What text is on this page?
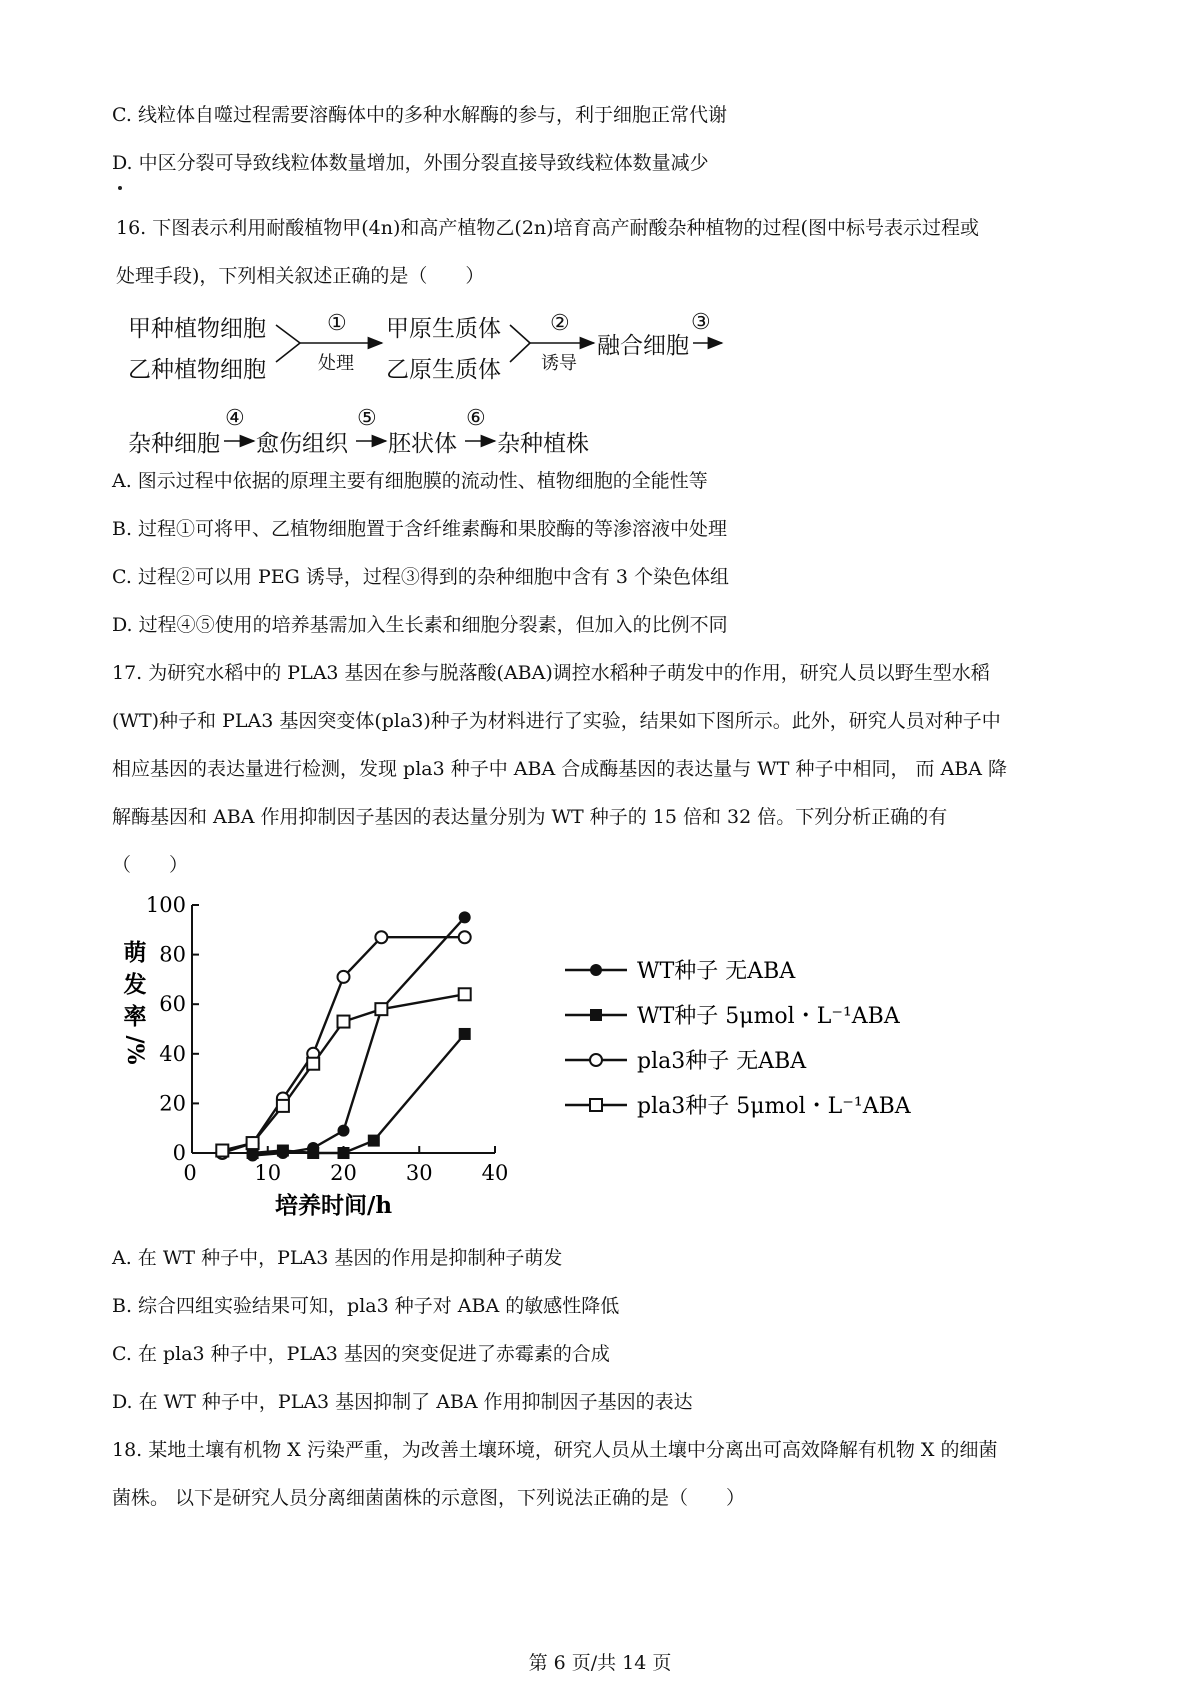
C. 线粒体自噬过程需要溶酶体中的多种水解酶的参与，利于细胞正常代谢
D. 中区分裂可导致线粒体数量增加，外围分裂直接导致线粒体数量减少
16. 下图表示利用耐酸植物甲(4n)和高产植物乙(2n)培育高产耐酸杂种植物的过程(图中标号表示过程或
处理手段)，下列相关叙述正确的是（　　）
甲种植物细胞
乙种植物细胞
①
处理
甲原生质体
乙原生质体
②
诱导
融合细胞
③
杂种细胞
④
愈伤组织
⑤
胚状体
⑥
杂种植株
A. 图示过程中依据的原理主要有细胞膜的流动性、植物细胞的全能性等
B. 过程①可将甲、乙植物细胞置于含纤维素酶和果胶酶的等渗溶液中处理
C. 过程②可以用 PEG 诱导，过程③得到的杂种细胞中含有 3 个染色体组
D. 过程④⑤使用的培养基需加入生长素和细胞分裂素，但加入的比例不同
17. 为研究水稻中的 PLA3 基因在参与脱落酸(ABA)调控水稻种子萌发中的作用，研究人员以野生型水稻
(WT)种子和 PLA3 基因突变体(pla3)种子为材料进行了实验，结果如下图所示。此外，研究人员对种子中
相应基因的表达量进行检测，发现 pla3 种子中 ABA 合成酶基因的表达量与 WT 种子中相同， 而 ABA 降
解酶基因和 ABA 作用抑制因子基因的表达量分别为 WT 种子的 15 倍和 32 倍。下列分析正确的有
（　　）
0
20
40
60
80
100
0	10 20 30 40
培养时间/h
萌发率
/%
WT种子 无ABA
WT种子 5μmol・L⁻¹ABA
pla3种子 无ABA
pla3种子 5μmol・L⁻¹ABA
A. 在 WT 种子中，PLA3 基因的作用是抑制种子萌发
B. 综合四组实验结果可知，pla3 种子对 ABA 的敏感性降低
C. 在 pla3 种子中，PLA3 基因的突变促进了赤霉素的合成
D. 在 WT 种子中，PLA3 基因抑制了 ABA 作用抑制因子基因的表达
18. 某地土壤有机物 X 污染严重，为改善土壤环境，研究人员从土壤中分离出可高效降解有机物 X 的细菌
菌株。 以下是研究人员分离细菌菌株的示意图，下列说法正确的是（　　）
第 6 页/共 14 页
